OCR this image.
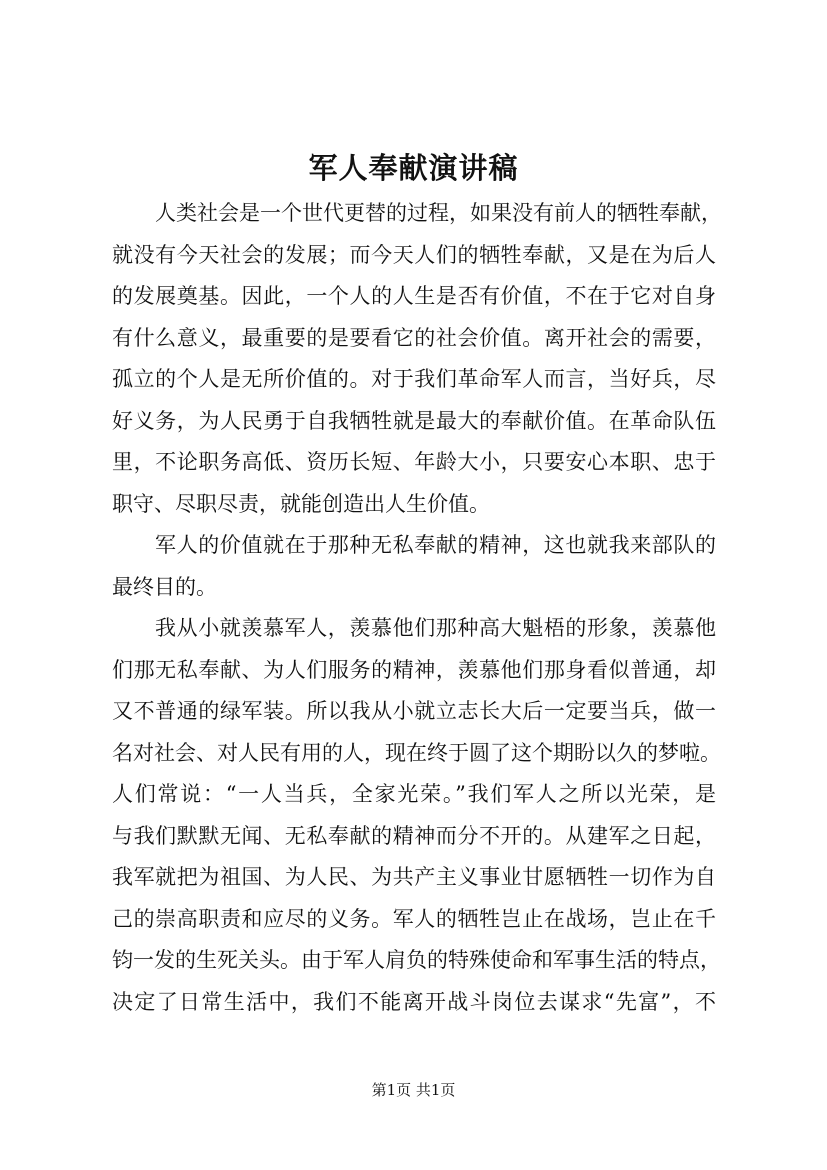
军人奉献演讲稿
人类社会是一个世代更替的过程，如果没有前人的牺牲奉献，
就没有今天社会的发展；而今天人们的牺牲奉献，又是在为后人
的发展奠基。因此，一个人的人生是否有价值，不在于它对自身
有什么意义，最重要的是要看它的社会价值。离开社会的需要，
孤立的个人是无所价值的。对于我们革命军人而言，当好兵，尽
好义务，为人民勇于自我牺牲就是最大的奉献价值。在革命队伍
里，不论职务高低、资历长短、年龄大小，只要安心本职、忠于
职守、尽职尽责，就能创造出人生价值。
军人的价值就在于那种无私奉献的精神，这也就我来部队的
最终目的。
我从小就羡慕军人，羡慕他们那种高大魁梧的形象，羡慕他
们那无私奉献、为人们服务的精神，羡慕他们那身看似普通，却
又不普通的绿军装。所以我从小就立志长大后一定要当兵，做一
名对社会、对人民有用的人，现在终于圆了这个期盼以久的梦啦。
人们常说：“一人当兵，全家光荣。”我们军人之所以光荣，是
与我们默默无闻、无私奉献的精神而分不开的。从建军之日起，
我军就把为祖国、为人民、为共产主义事业甘愿牺牲一切作为自
己的崇高职责和应尽的义务。军人的牺牲岂止在战场，岂止在千
钧一发的生死关头。由于军人肩负的特殊使命和军事生活的特点，
决定了日常生活中，我们不能离开战斗岗位去谋求“先富”，不
第1页 共1页
